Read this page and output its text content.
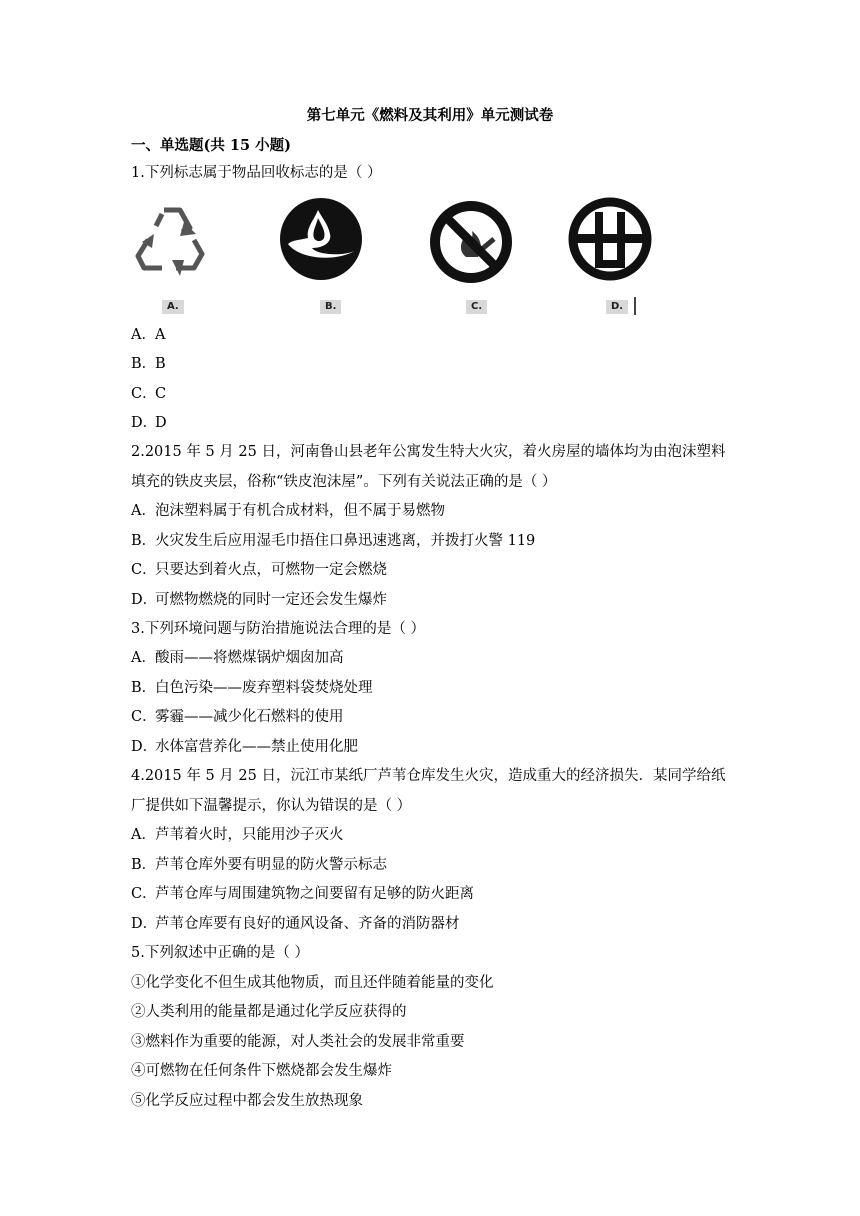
第七单元《燃料及其利用》单元测试卷
一、单选题(共 15 小题)
1.下列标志属于物品回收标志的是（ ）
A.	B.	C.	D.
A．A
B．B
C．C
D．D
2.2015 年 5 月 25 日，河南鲁山县老年公寓发生特大火灾，着火房屋的墙体均为由泡沫塑料
填充的铁皮夹层，俗称“铁皮泡沫屋”。下列有关说法正确的是（ ）
A．泡沫塑料属于有机合成材料，但不属于易燃物
B．火灾发生后应用湿毛巾捂住口鼻迅速逃离，并拨打火警 119
C．只要达到着火点，可燃物一定会燃烧
D．可燃物燃烧的同时一定还会发生爆炸
3.下列环境问题与防治措施说法合理的是（ ）
A．酸雨——将燃煤锅炉烟囱加高
B．白色污染——废弃塑料袋焚烧处理
C．雾霾——减少化石燃料的使用
D．水体富营养化——禁止使用化肥
4.2015 年 5 月 25 日，沅江市某纸厂芦苇仓库发生火灾，造成重大的经济损失．某同学给纸
厂提供如下温馨提示，你认为错误的是（ ）
A．芦苇着火时，只能用沙子灭火
B．芦苇仓库外要有明显的防火警示标志
C．芦苇仓库与周围建筑物之间要留有足够的防火距离
D．芦苇仓库要有良好的通风设备、齐备的消防器材
5.下列叙述中正确的是（ ）
①化学变化不但生成其他物质，而且还伴随着能量的变化
②人类利用的能量都是通过化学反应获得的
③燃料作为重要的能源，对人类社会的发展非常重要
④可燃物在任何条件下燃烧都会发生爆炸
⑤化学反应过程中都会发生放热现象
